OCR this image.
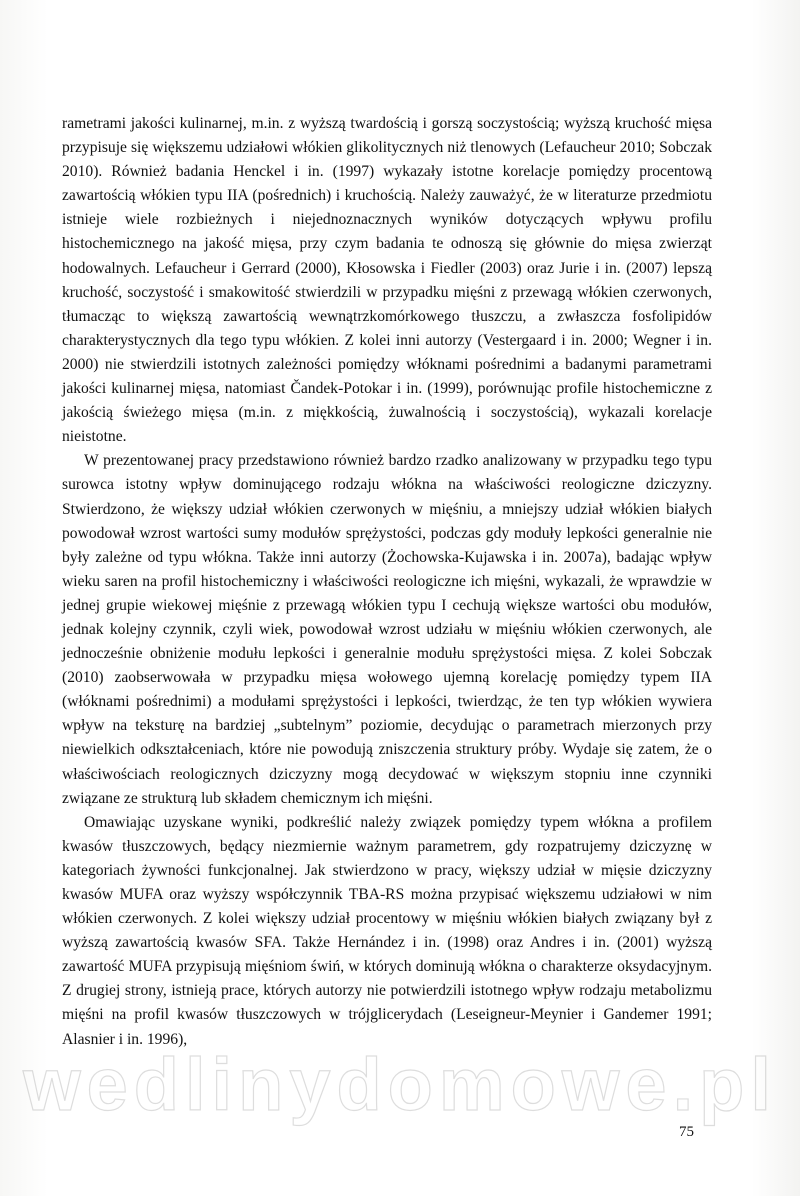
rametrami jakości kulinarnej, m.in. z wyższą twardością i gorszą soczystością; wyższą kruchość mięsa przypisuje się większemu udziałowi włókien glikolitycznych niż tlenowych (Lefaucheur 2010; Sobczak 2010). Również badania Henckel i in. (1997) wykazały istotne korelacje pomiędzy procentową zawartością włókien typu IIA (pośrednich) i kruchością. Należy zauważyć, że w literaturze przedmiotu istnieje wiele rozbieżnych i niejednoznacznych wyników dotyczących wpływu profilu histochemicznego na jakość mięsa, przy czym badania te odnoszą się głównie do mięsa zwierząt hodowalnych. Lefaucheur i Gerrard (2000), Kłosowska i Fiedler (2003) oraz Jurie i in. (2007) lepszą kruchość, soczystość i smakowitość stwierdzili w przypadku mięśni z przewagą włókien czerwonych, tłumacząc to większą zawartością wewnątrzkomórkowego tłuszczu, a zwłaszcza fosfolipidów charakterystycznych dla tego typu włókien. Z kolei inni autorzy (Vestergaard i in. 2000; Wegner i in. 2000) nie stwierdzili istotnych zależności pomiędzy włóknami pośrednimi a badanymi parametrami jakości kulinarnej mięsa, natomiast Čandek-Potokar i in. (1999), porównując profile histochemiczne z jakością świeżego mięsa (m.in. z miękkością, żuwalnością i soczystością), wykazali korelacje nieistotne.

W prezentowanej pracy przedstawiono również bardzo rzadko analizowany w przypadku tego typu surowca istotny wpływ dominującego rodzaju włókna na właściwości reologiczne dziczyzny. Stwierdzono, że większy udział włókien czerwonych w mięśniu, a mniejszy udział włókien białych powodował wzrost wartości sumy modułów sprężystości, podczas gdy moduły lepkości generalnie nie były zależne od typu włókna. Także inni autorzy (Żochowska-Kujawska i in. 2007a), badając wpływ wieku saren na profil histochemiczny i właściwości reologiczne ich mięśni, wykazali, że wprawdzie w jednej grupie wiekowej mięśnie z przewagą włókien typu I cechują większe wartości obu modułów, jednak kolejny czynnik, czyli wiek, powodował wzrost udziału w mięśniu włókien czerwonych, ale jednocześnie obniżenie modułu lepkości i generalnie modułu sprężystości mięsa. Z kolei Sobczak (2010) zaobserwowała w przypadku mięsa wołowego ujemną korelację pomiędzy typem IIA (włóknami pośrednimi) a modułami sprężystości i lepkości, twierdząc, że ten typ włókien wywiera wpływ na teksturę na bardziej „subtelnym” poziomie, decydując o parametrach mierzonych przy niewielkich odkształceniach, które nie powodują zniszczenia struktury próby. Wydaje się zatem, że o właściwościach reologicznych dziczyzny mogą decydować w większym stopniu inne czynniki związane ze strukturą lub składem chemicznym ich mięśni.

Omawiając uzyskane wyniki, podkreślić należy związek pomiędzy typem włókna a profilem kwasów tłuszczowych, będący niezmiernie ważnym parametrem, gdy rozpatrujemy dziczyznę w kategoriach żywności funkcjonalnej. Jak stwierdzono w pracy, większy udział w mięsie dziczyzny kwasów MUFA oraz wyższy współczynnik TBA-RS można przypisać większemu udziałowi w nim włókien czerwonych. Z kolei większy udział procentowy w mięśniu włókien białych związany był z wyższą zawartością kwasów SFA. Także Hernández i in. (1998) oraz Andres i in. (2001) wyższą zawartość MUFA przypisują mięśniom świń, w których dominują włókna o charakterze oksydacyjnym. Z drugiej strony, istnieją prace, których autorzy nie potwierdzili istotnego wpływ rodzaju metabolizmu mięśni na profil kwasów tłuszczowych w trójglicerydach (Leseigneur-Meynier i Gandemer 1991; Alasnier i in. 1996),

wedlinydomowe.pl
75
